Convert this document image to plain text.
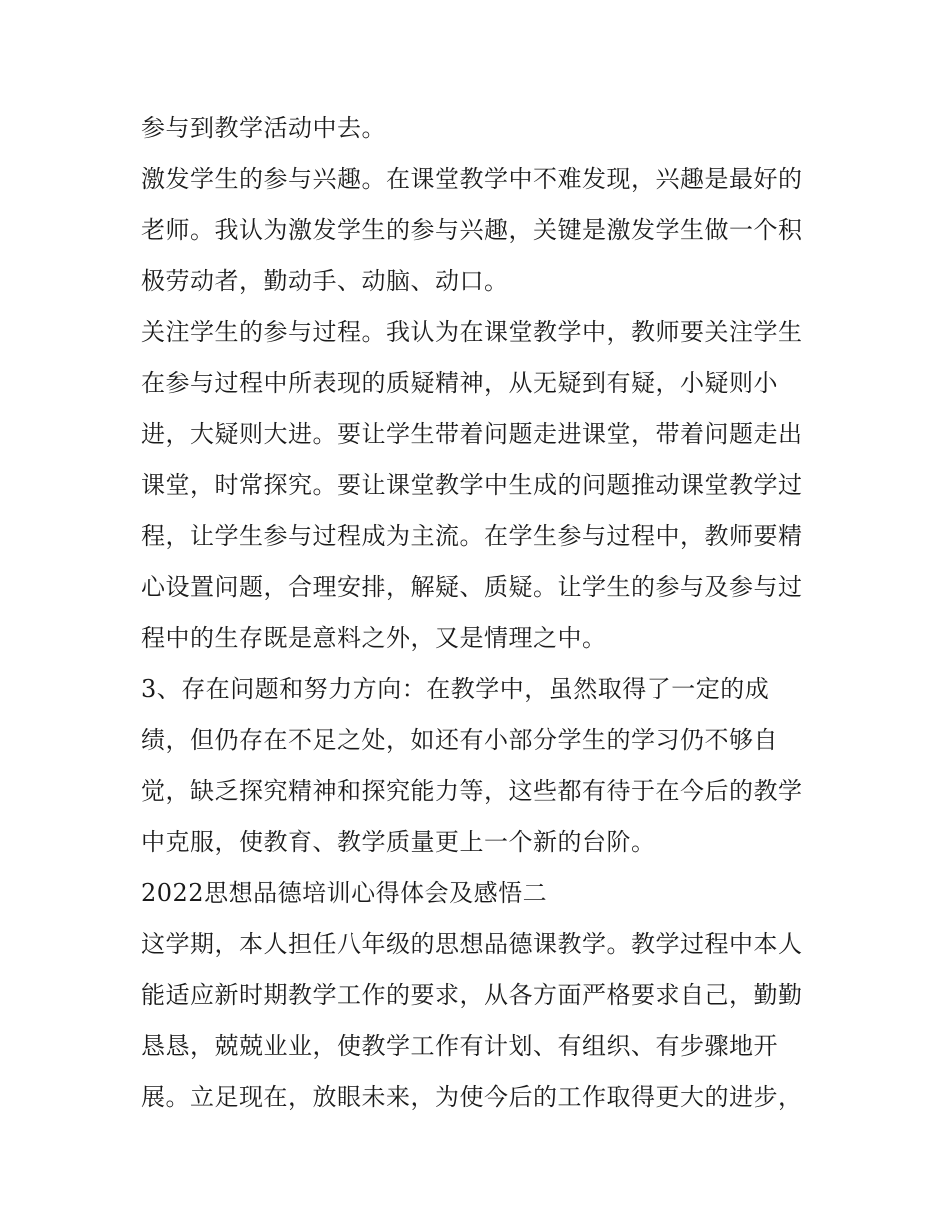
参与到教学活动中去。

激发学生的参与兴趣。在课堂教学中不难发现，兴趣是最好的

老师。我认为激发学生的参与兴趣，关键是激发学生做一个积

极劳动者，勤动手、动脑、动口。

关注学生的参与过程。我认为在课堂教学中，教师要关注学生

在参与过程中所表现的质疑精神，从无疑到有疑，小疑则小

进，大疑则大进。要让学生带着问题走进课堂，带着问题走出

课堂，时常探究。要让课堂教学中生成的问题推动课堂教学过

程，让学生参与过程成为主流。在学生参与过程中，教师要精

心设置问题，合理安排，解疑、质疑。让学生的参与及参与过

程中的生存既是意料之外，又是情理之中。

3、存在问题和努力方向：在教学中，虽然取得了一定的成

绩，但仍存在不足之处，如还有小部分学生的学习仍不够自

觉，缺乏探究精神和探究能力等，这些都有待于在今后的教学

中克服，使教育、教学质量更上一个新的台阶。

2022思想品德培训心得体会及感悟二

这学期，本人担任八年级的思想品德课教学。教学过程中本人

能适应新时期教学工作的要求，从各方面严格要求自己，勤勤

恳恳，兢兢业业，使教学工作有计划、有组织、有步骤地开

展。立足现在，放眼未来，为使今后的工作取得更大的进步，
